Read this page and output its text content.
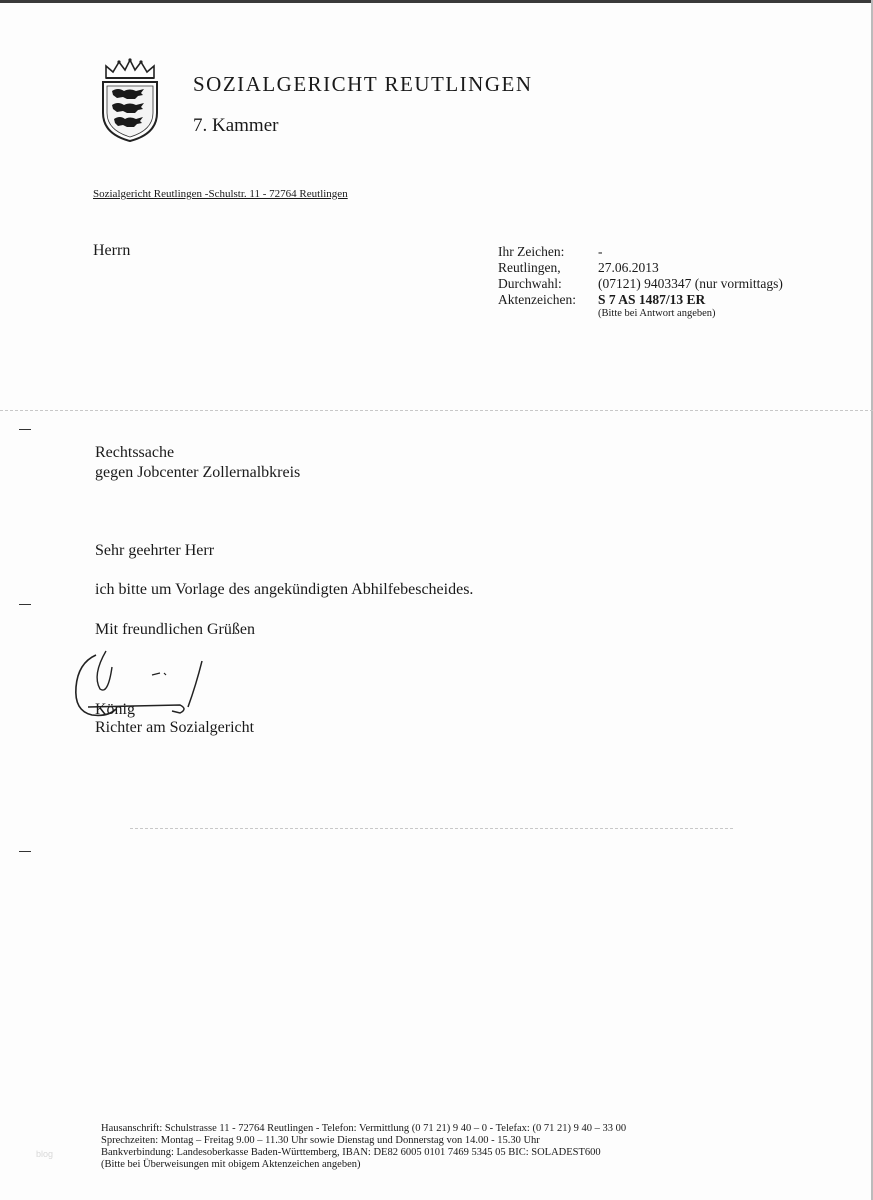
SOZIALGERICHT REUTLINGEN
7. Kammer
Sozialgericht Reutlingen -Schulstr. 11 - 72764 Reutlingen
Herrn	Ihr Zeichen:	-
Reutlingen,	27.06.2013
Durchwahl:	(07121) 9403347 (nur vormittags)
Aktenzeichen:	S 7 AS 1487/13 ER
(Bitte bei Antwort angeben)
Rechtssache
gegen Jobcenter Zollernalbkreis
Sehr geehrter Herr
ich bitte um Vorlage des angekündigten Abhilfebescheides.
Mit freundlichen Grüßen
König
Richter am Sozialgericht
Hausanschrift: Schulstrasse 11 - 72764 Reutlingen - Telefon: Vermittlung (0 71 21) 9 40 – 0 - Telefax: (0 71 21) 9 40 – 33 00
Sprechzeiten: Montag – Freitag 9.00 – 11.30 Uhr sowie Dienstag und Donnerstag von 14.00 - 15.30 Uhr
Bankverbindung: Landesoberkasse Baden-Württemberg, IBAN: DE82 6005 0101 7469 5345 05 BIC: SOLADEST600
(Bitte bei Überweisungen mit obigem Aktenzeichen angeben)
blog
